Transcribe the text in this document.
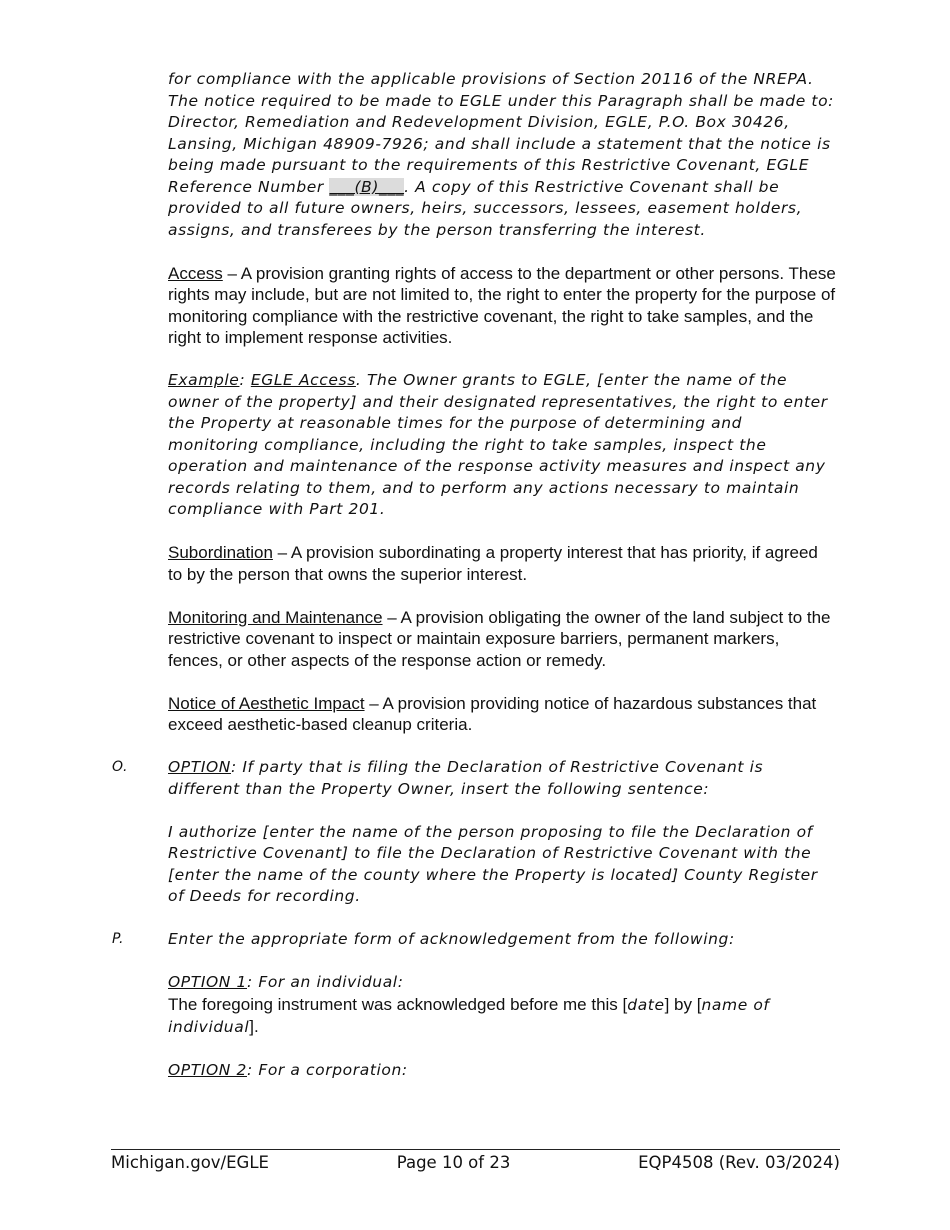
for compliance with the applicable provisions of Section 20116 of the NREPA. The notice required to be made to EGLE under this Paragraph shall be made to: Director, Remediation and Redevelopment Division, EGLE, P.O. Box 30426, Lansing, Michigan 48909-7926; and shall include a statement that the notice is being made pursuant to the requirements of this Restrictive Covenant, EGLE Reference Number ___(B)___. A copy of this Restrictive Covenant shall be provided to all future owners, heirs, successors, lessees, easement holders, assigns, and transferees by the person transferring the interest.

Access – A provision granting rights of access to the department or other persons. These rights may include, but are not limited to, the right to enter the property for the purpose of monitoring compliance with the restrictive covenant, the right to take samples, and the right to implement response activities.

Example: EGLE Access. The Owner grants to EGLE, [enter the name of the owner of the property] and their designated representatives, the right to enter the Property at reasonable times for the purpose of determining and monitoring compliance, including the right to take samples, inspect the operation and maintenance of the response activity measures and inspect any records relating to them, and to perform any actions necessary to maintain compliance with Part 201.

Subordination – A provision subordinating a property interest that has priority, if agreed to by the person that owns the superior interest.

Monitoring and Maintenance – A provision obligating the owner of the land subject to the restrictive covenant to inspect or maintain exposure barriers, permanent markers, fences, or other aspects of the response action or remedy.

Notice of Aesthetic Impact – A provision providing notice of hazardous substances that exceed aesthetic-based cleanup criteria.

O.	OPTION: If party that is filing the Declaration of Restrictive Covenant is different than the Property Owner, insert the following sentence:

I authorize [enter the name of the person proposing to file the Declaration of Restrictive Covenant] to file the Declaration of Restrictive Covenant with the [enter the name of the county where the Property is located] County Register of Deeds for recording.

P.	Enter the appropriate form of acknowledgement from the following:

OPTION 1: For an individual:

The foregoing instrument was acknowledged before me this [date] by [name of individual].

OPTION 2: For a corporation:

Michigan.gov/EGLE	Page 10 of 23	EQP4508 (Rev. 03/2024)
